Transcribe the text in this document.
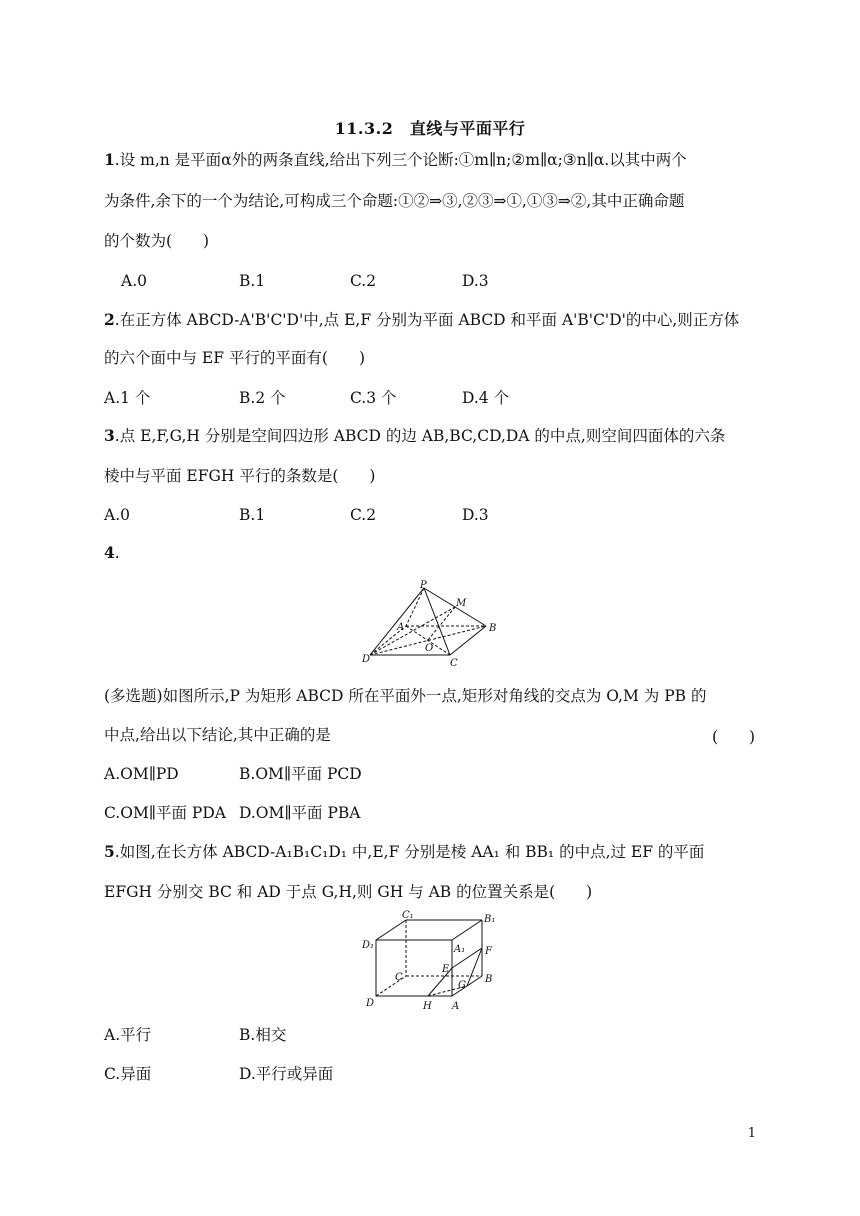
11.3.2　直线与平面平行
1.设 m,n 是平面α外的两条直线,给出下列三个论断:①m∥n;②m∥α;③n∥α.以其中两个
为条件,余下的一个为结论,可构成三个命题:①②⇒③,②③⇒①,①③⇒②,其中正确命题
的个数为(　　)
A.0	B.1	C.2	D.3
2.在正方体 ABCD-A'B'C'D'中,点 E,F 分别为平面 ABCD 和平面 A'B'C'D'的中心,则正方体
的六个面中与 EF 平行的平面有(　　)
A.1 个	B.2 个	C.3 个	D.4 个
3.点 E,F,G,H 分别是空间四边形 ABCD 的边 AB,BC,CD,DA 的中点,则空间四面体的六条
棱中与平面 EFGH 平行的条数是(　　)
A.0	B.1	C.2	D.3
4.
P
M
A	B
O
D	C
(多选题)如图所示,P 为矩形 ABCD 所在平面外一点,矩形对角线的交点为 O,M 为 PB 的
中点,给出以下结论,其中正确的是	(　　)
A.OM∥PD	B.OM∥平面 PCD
C.OM∥平面 PDA D.OM∥平面 PBA
5.如图,在长方体 ABCD-A₁B₁C₁D₁ 中,E,F 分别是棱 AA₁ 和 BB₁ 的中点,过 EF 的平面
EFGH 分别交 BC 和 AD 于点 G,H,则 GH 与 AB 的位置关系是(　　)
C₁	B₁
D₁	A₁ F
E
C
G
B
D	H A
A.平行	B.相交
C.异面	D.平行或异面
1
